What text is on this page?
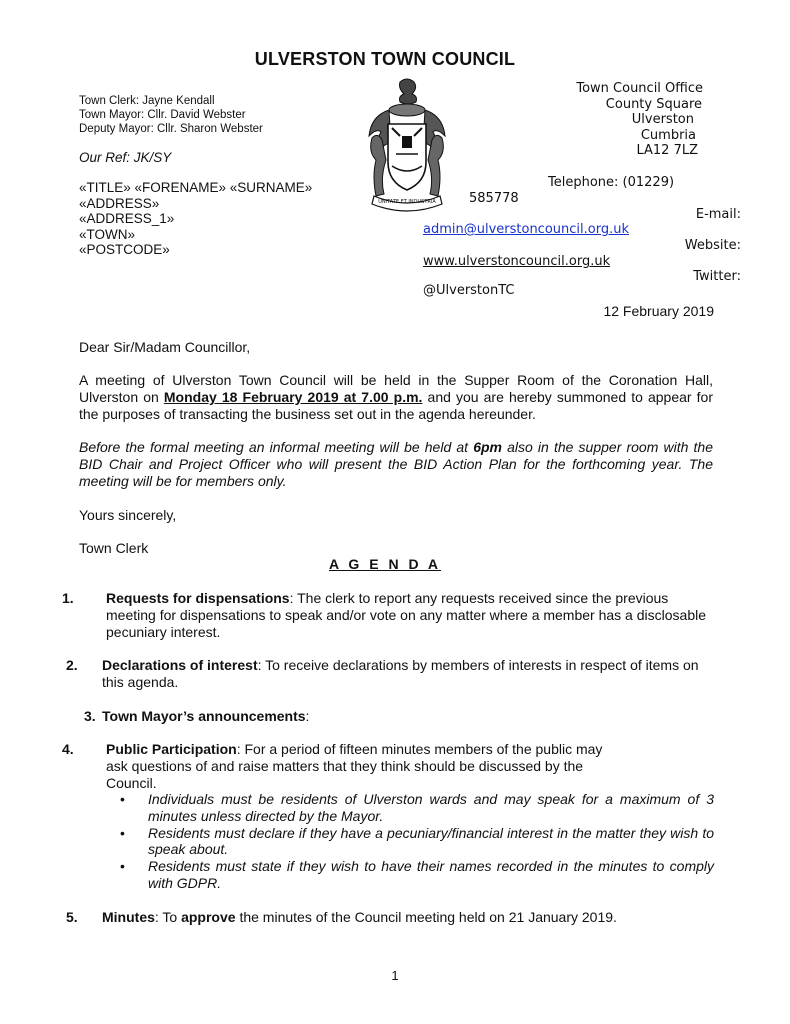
ULVERSTON TOWN COUNCIL
Town Clerk: Jayne Kendall
Town Mayor: Cllr. David Webster
Deputy Mayor: Cllr. Sharon Webster
Our Ref: JK/SY
«TITLE» «FORENAME» «SURNAME»
«ADDRESS»
«ADDRESS_1»
«TOWN»
«POSTCODE»
UNITATE ET INDUSTRIA
Town Council Office
County Square
Ulverston
Cumbria
LA12 7LZ
Telephone: (01229)
585778
E-mail:
admin@ulverstoncouncil.org.uk
Website:
www.ulverstoncouncil.org.uk
Twitter:
@UlverstonTC
12 February 2019
Dear Sir/Madam Councillor,
A meeting of Ulverston Town Council will be held in the Supper Room of the Coronation Hall, Ulverston on Monday 18 February 2019 at 7.00 p.m. and you are hereby summoned to appear for the purposes of transacting the business set out in the agenda hereunder.
Before the formal meeting an informal meeting will be held at 6pm also in the supper room with the BID Chair and Project Officer who will present the BID Action Plan for the forthcoming year. The meeting will be for members only.
Yours sincerely,
Town Clerk
A G E N D A
1. Requests for dispensations: The clerk to report any requests received since the previous meeting for dispensations to speak and/or vote on any matter where a member has a disclosable pecuniary interest.
2. Declarations of interest: To receive declarations by members of interests in respect of items on this agenda.
3. Town Mayor’s announcements:
4. Public Participation: For a period of fifteen minutes members of the public may ask questions of and raise matters that they think should be discussed by the Council.
• Individuals must be residents of Ulverston wards and may speak for a maximum of 3 minutes unless directed by the Mayor.
• Residents must declare if they have a pecuniary/financial interest in the matter they wish to speak about.
• Residents must state if they wish to have their names recorded in the minutes to comply with GDPR.
5. Minutes: To approve the minutes of the Council meeting held on 21 January 2019.
1
